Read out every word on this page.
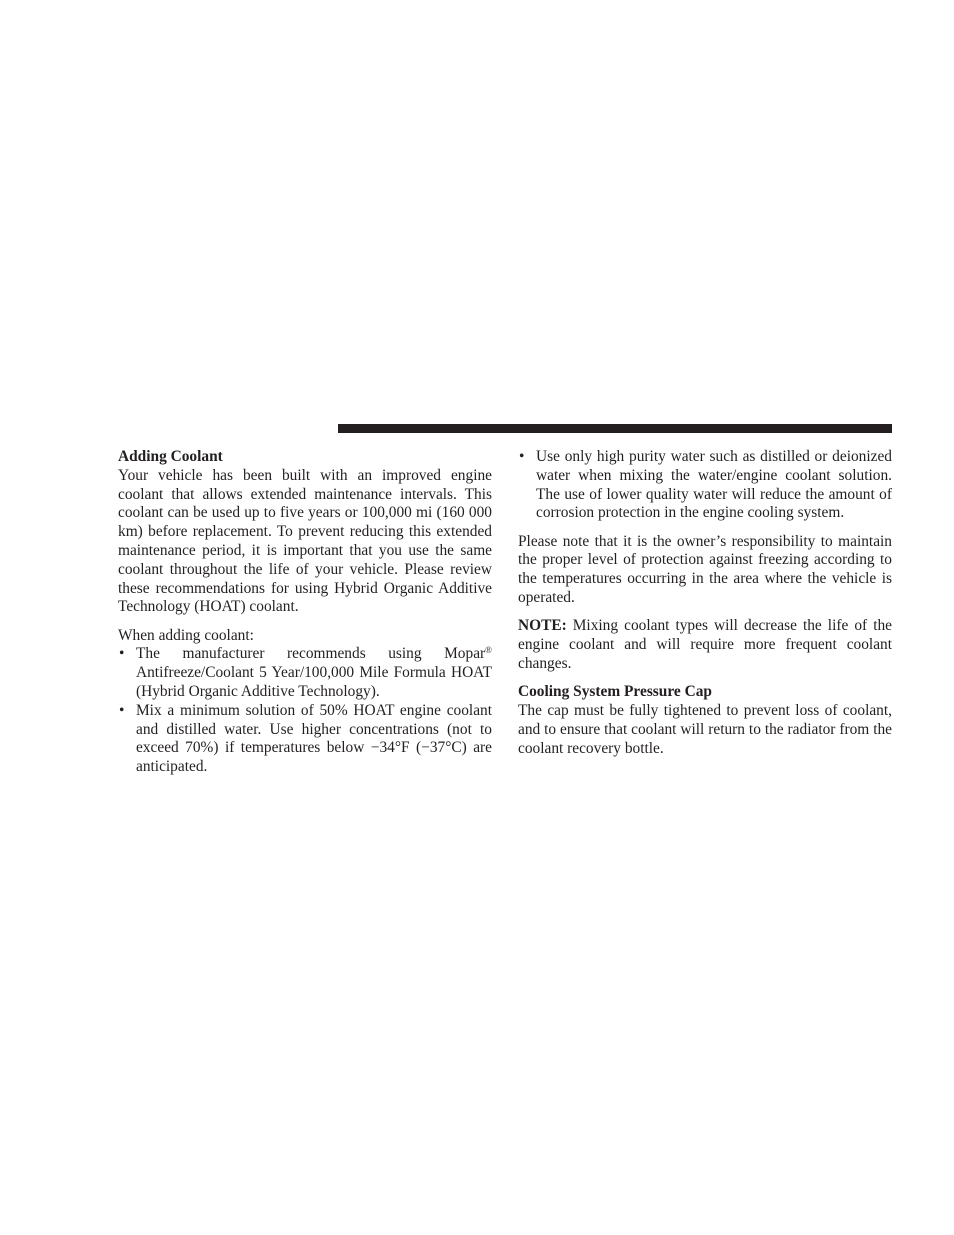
Adding Coolant

Your vehicle has been built with an improved engine coolant that allows extended maintenance intervals. This coolant can be used up to five years or 100,000 mi (160 000 km) before replacement. To prevent reducing this extended maintenance period, it is important that you use the same coolant throughout the life of your vehicle. Please review these recommendations for using Hybrid Organic Additive Technology (HOAT) coolant.

When adding coolant:

• The manufacturer recommends using Mopar® Antifreeze/Coolant 5 Year/100,000 Mile Formula HOAT (Hybrid Organic Additive Technology).
• Mix a minimum solution of 50% HOAT engine coolant and distilled water. Use higher concentrations (not to exceed 70%) if temperatures below −34°F (−37°C) are anticipated.
• Use only high purity water such as distilled or deionized water when mixing the water/engine coolant solution. The use of lower quality water will reduce the amount of corrosion protection in the engine cooling system.

Please note that it is the owner’s responsibility to maintain the proper level of protection against freezing according to the temperatures occurring in the area where the vehicle is operated.

NOTE: Mixing coolant types will decrease the life of the engine coolant and will require more frequent coolant changes.

Cooling System Pressure Cap

The cap must be fully tightened to prevent loss of coolant, and to ensure that coolant will return to the radiator from the coolant recovery bottle.
